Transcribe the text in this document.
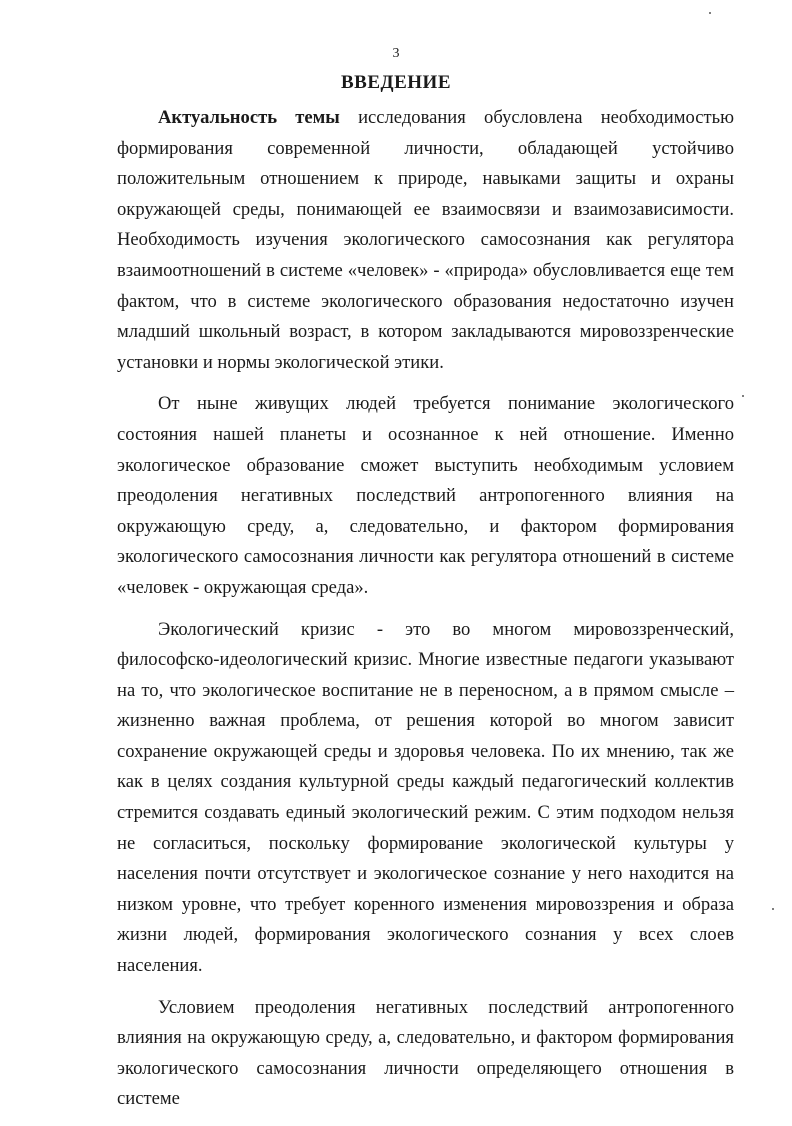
3
ВВЕДЕНИЕ

Актуальность темы исследования обусловлена необходимостью формирования современной личности, обладающей устойчиво положительным отношением к природе, навыками защиты и охраны окружающей среды, понимающей ее взаимосвязи и взаимозависимости. Необходимость изучения экологического самосознания как регулятора взаимоотношений в системе «человек» - «природа» обусловливается еще тем фактом, что в системе экологического образования недостаточно изучен младший школьный возраст, в котором закладываются мировоззренческие установки и нормы экологической этики.

От ныне живущих людей требуется понимание экологического состояния нашей планеты и осознанное к ней отношение. Именно экологическое образование сможет выступить необходимым условием преодоления негативных последствий антропогенного влияния на окружающую среду, а, следовательно, и фактором формирования экологического самосознания личности как регулятора отношений в системе «человек - окружающая среда».

Экологический кризис - это во многом мировоззренческий, философско-идеологический кризис. Многие известные педагоги указывают на то, что экологическое воспитание не в переносном, а в прямом смысле – жизненно важная проблема, от решения которой во многом зависит сохранение окружающей среды и здоровья человека. По их мнению, так же как в целях создания культурной среды каждый педагогический коллектив стремится создавать единый экологический режим. С этим подходом нельзя не согласиться, поскольку формирование экологической культуры у населения почти отсутствует и экологическое сознание у него находится на низком уровне, что требует коренного изменения мировоззрения и образа жизни людей, формирования экологического сознания у всех слоев населения.

Условием преодоления негативных последствий антропогенного влияния на окружающую среду, а, следовательно, и фактором формирования экологического самосознания личности определяющего отношения в системе
